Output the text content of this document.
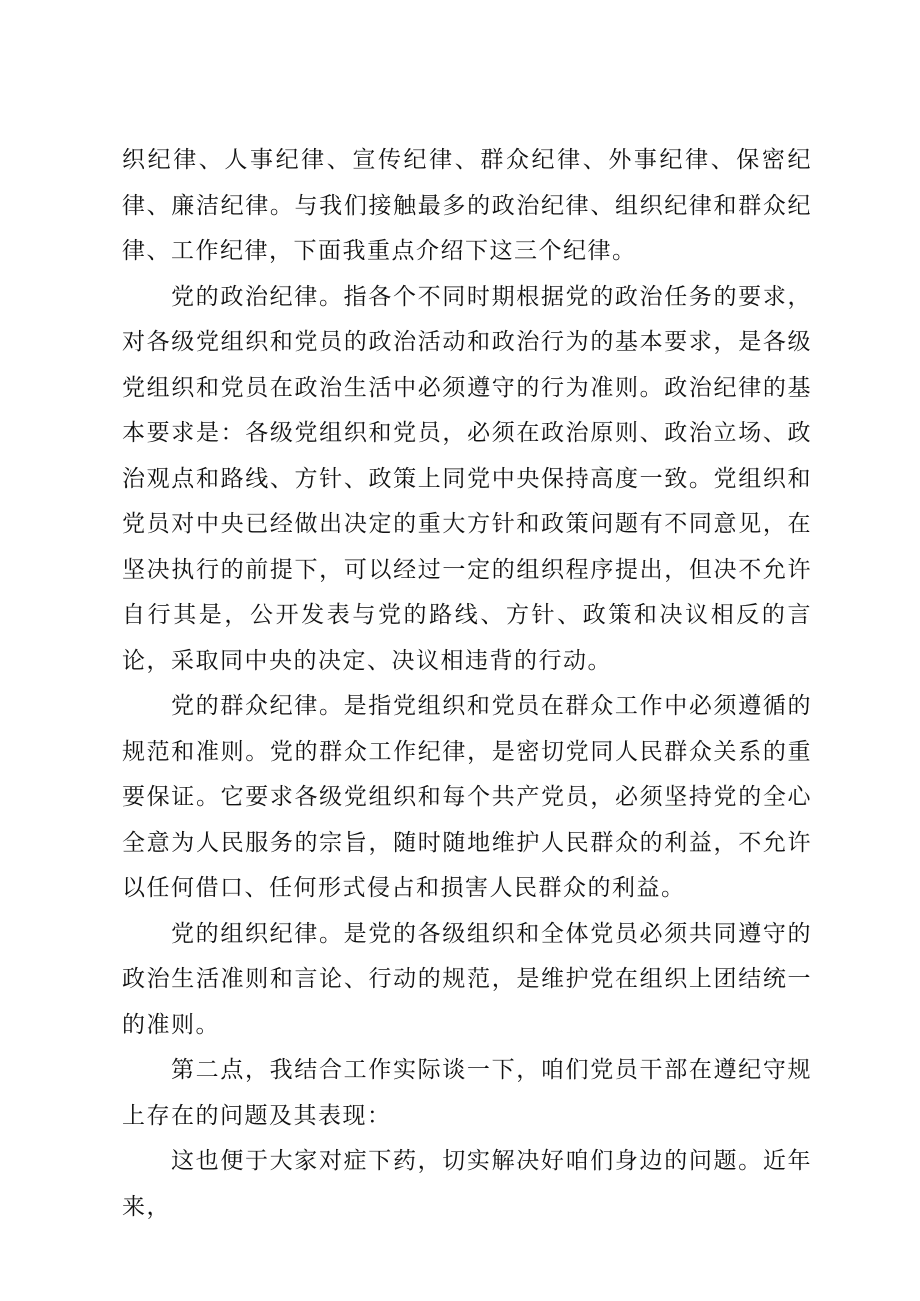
织纪律、人事纪律、宣传纪律、群众纪律、外事纪律、保密纪律、廉洁纪律。与我们接触最多的政治纪律、组织纪律和群众纪律、工作纪律，下面我重点介绍下这三个纪律。

党的政治纪律。指各个不同时期根据党的政治任务的要求，对各级党组织和党员的政治活动和政治行为的基本要求，是各级党组织和党员在政治生活中必须遵守的行为准则。政治纪律的基本要求是：各级党组织和党员，必须在政治原则、政治立场、政治观点和路线、方针、政策上同党中央保持高度一致。党组织和党员对中央已经做出决定的重大方针和政策问题有不同意见，在坚决执行的前提下，可以经过一定的组织程序提出，但决不允许自行其是，公开发表与党的路线、方针、政策和决议相反的言论，采取同中央的决定、决议相违背的行动。

党的群众纪律。是指党组织和党员在群众工作中必须遵循的规范和准则。党的群众工作纪律，是密切党同人民群众关系的重要保证。它要求各级党组织和每个共产党员，必须坚持党的全心全意为人民服务的宗旨，随时随地维护人民群众的利益，不允许以任何借口、任何形式侵占和损害人民群众的利益。

党的组织纪律。是党的各级组织和全体党员必须共同遵守的政治生活准则和言论、行动的规范，是维护党在组织上团结统一的准则。

第二点，我结合工作实际谈一下，咱们党员干部在遵纪守规上存在的问题及其表现：

这也便于大家对症下药，切实解决好咱们身边的问题。近年来，
